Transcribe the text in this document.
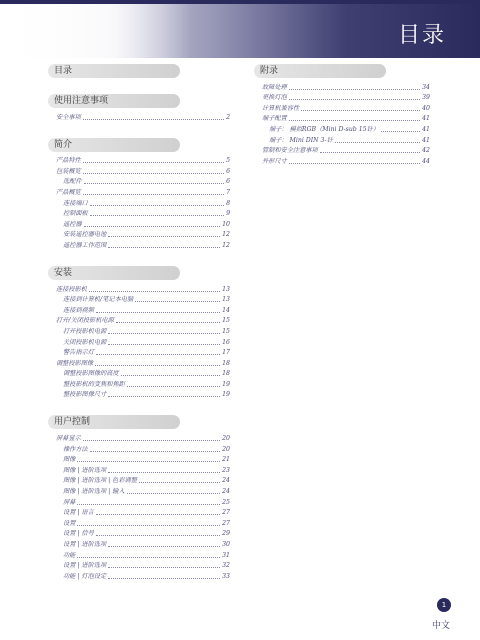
目录
目录
使用注意事项
安全事项	2
简介
产品特性	5
包装概览	6
选配件	6
产品概览	7
连接端口	8
控制面板	9
遥控器	10
安装遥控器电池	12
遥控器工作范围	12
安装
连接投影机	13
连接到计算机/笔记本电脑	13
连接到视频	14
打开/关闭投影机电源	15
打开投影机电源	15
关闭投影机电源	16
警告指示灯	17
调整投影图像	18
调整投影图像的高度	18
整投影机的变焦和焦距	19
整投影图像尺寸	19
用户控制
屏幕显示	20
操作方法	20
图像	21
图像 | 进阶选项	23
图像 | 进阶选项 | 色彩调整	24
图像 | 进阶选项 | 输入	24
屏幕	25
设置 | 语言	27
设置	27
设置 | 信号	29
设置 | 进阶选项	30
功能	31
设置 | 进阶选项	32
功能 | 灯泡设定	33
附录
故障处理	34
更换灯泡	39
计算机兼容性	40
端子配置	41
端子： 模拟RGB（Mini D-sub 15针）	41
端子： Mini DIN 3-针	41
管制和安全注意事项	42
外形尺寸	44
1
中文
